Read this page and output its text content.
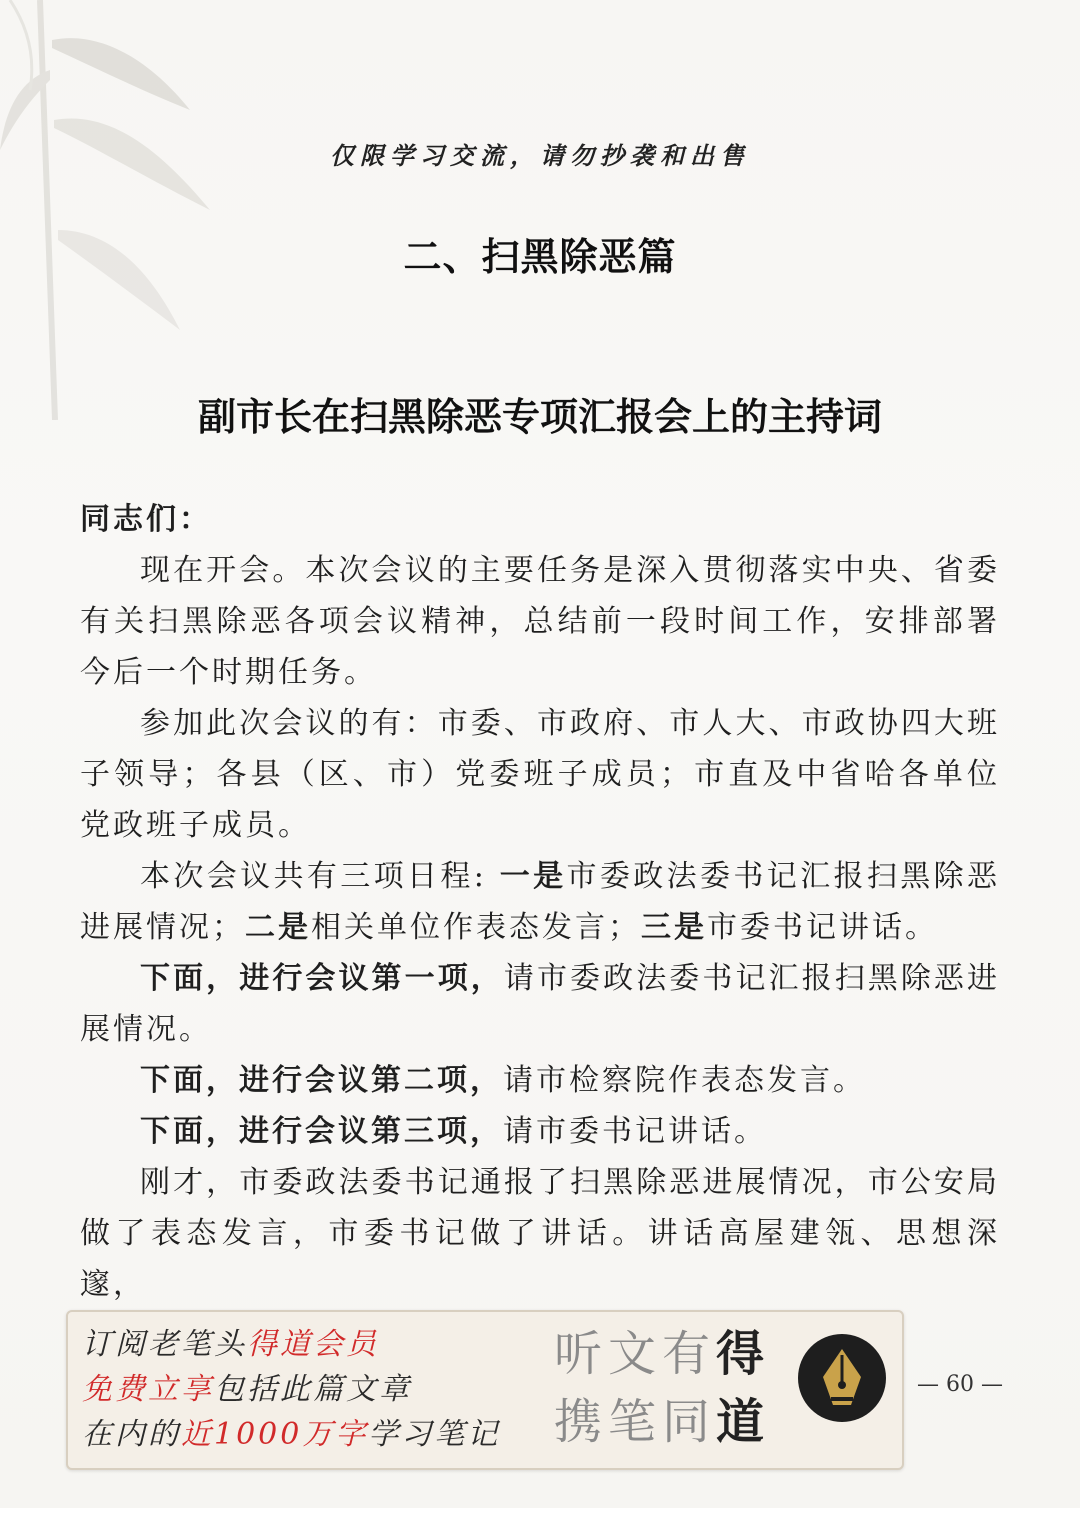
仅限学习交流，请勿抄袭和出售
二、扫黑除恶篇
副市长在扫黑除恶专项汇报会上的主持词

同志们：

现在开会。本次会议的主要任务是深入贯彻落实中央、省委有关扫黑除恶各项会议精神，总结前一段时间工作，安排部署今后一个时期任务。

参加此次会议的有：市委、市政府、市人大、市政协四大班子领导；各县（区、市）党委班子成员；市直及中省哈各单位党政班子成员。

本次会议共有三项日程: 一是市委政法委书记汇报扫黑除恶进展情况；二是相关单位作表态发言；三是市委书记讲话。

下面，进行会议第一项，请市委政法委书记汇报扫黑除恶进展情况。

下面，进行会议第二项，请市检察院作表态发言。

下面，进行会议第三项，请市委书记讲话。

刚才，市委政法委书记通报了扫黑除恶进展情况，市公安局做了表态发言，市委书记做了讲话。讲话高屋建瓴、思想深邃，

订阅老笔头得道会员
免费立享包括此篇文章
在内的近1000万字学习笔记
听文有得
携笔同道
— 60 —
